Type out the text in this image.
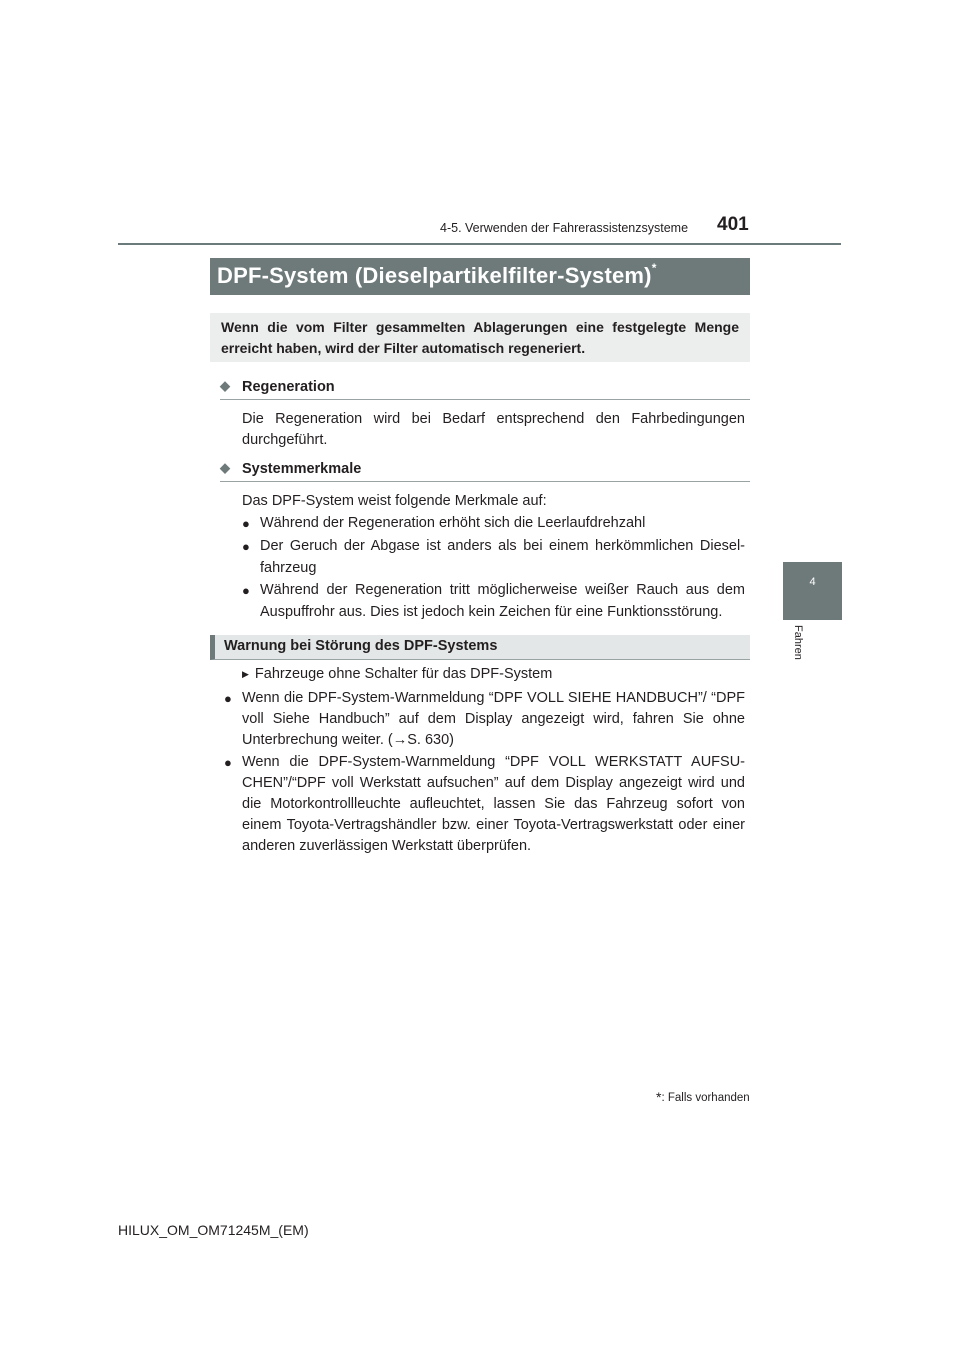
4-5. Verwenden der Fahrerassistenzsysteme 401
4
Fahren
DPF-System (Dieselpartikelfilter-System)*
Wenn die vom Filter gesammelten Ablagerungen eine festgelegte Menge erreicht haben, wird der Filter automatisch regeneriert.
◆ Regeneration
Die Regeneration wird bei Bedarf entsprechend den Fahrbedingungen durchgeführt.
◆ Systemmerkmale
Das DPF-System weist folgende Merkmale auf:
● Während der Regeneration erhöht sich die Leerlaufdrehzahl
● Der Geruch der Abgase ist anders als bei einem herkömmlichen Diesel-fahrzeug
● Während der Regeneration tritt möglicherweise weißer Rauch aus dem Auspuffrohr aus. Dies ist jedoch kein Zeichen für eine Funktionsstörung.
Warnung bei Störung des DPF-Systems
▶ Fahrzeuge ohne Schalter für das DPF-System
● Wenn die DPF-System-Warnmeldung “DPF VOLL SIEHE HANDBUCH”/ “DPF voll Siehe Handbuch” auf dem Display angezeigt wird, fahren Sie ohne Unterbrechung weiter. (→S. 630)
● Wenn die DPF-System-Warnmeldung “DPF VOLL WERKSTATT AUFSU-CHEN”/“DPF voll Werkstatt aufsuchen” auf dem Display angezeigt wird und die Motorkontrollleuchte aufleuchtet, lassen Sie das Fahrzeug sofort von einem Toyota-Vertragshändler bzw. einer Toyota-Vertragswerkstatt oder einer anderen zuverlässigen Werkstatt überprüfen.
*: Falls vorhanden
HILUX_OM_OM71245M_(EM)
